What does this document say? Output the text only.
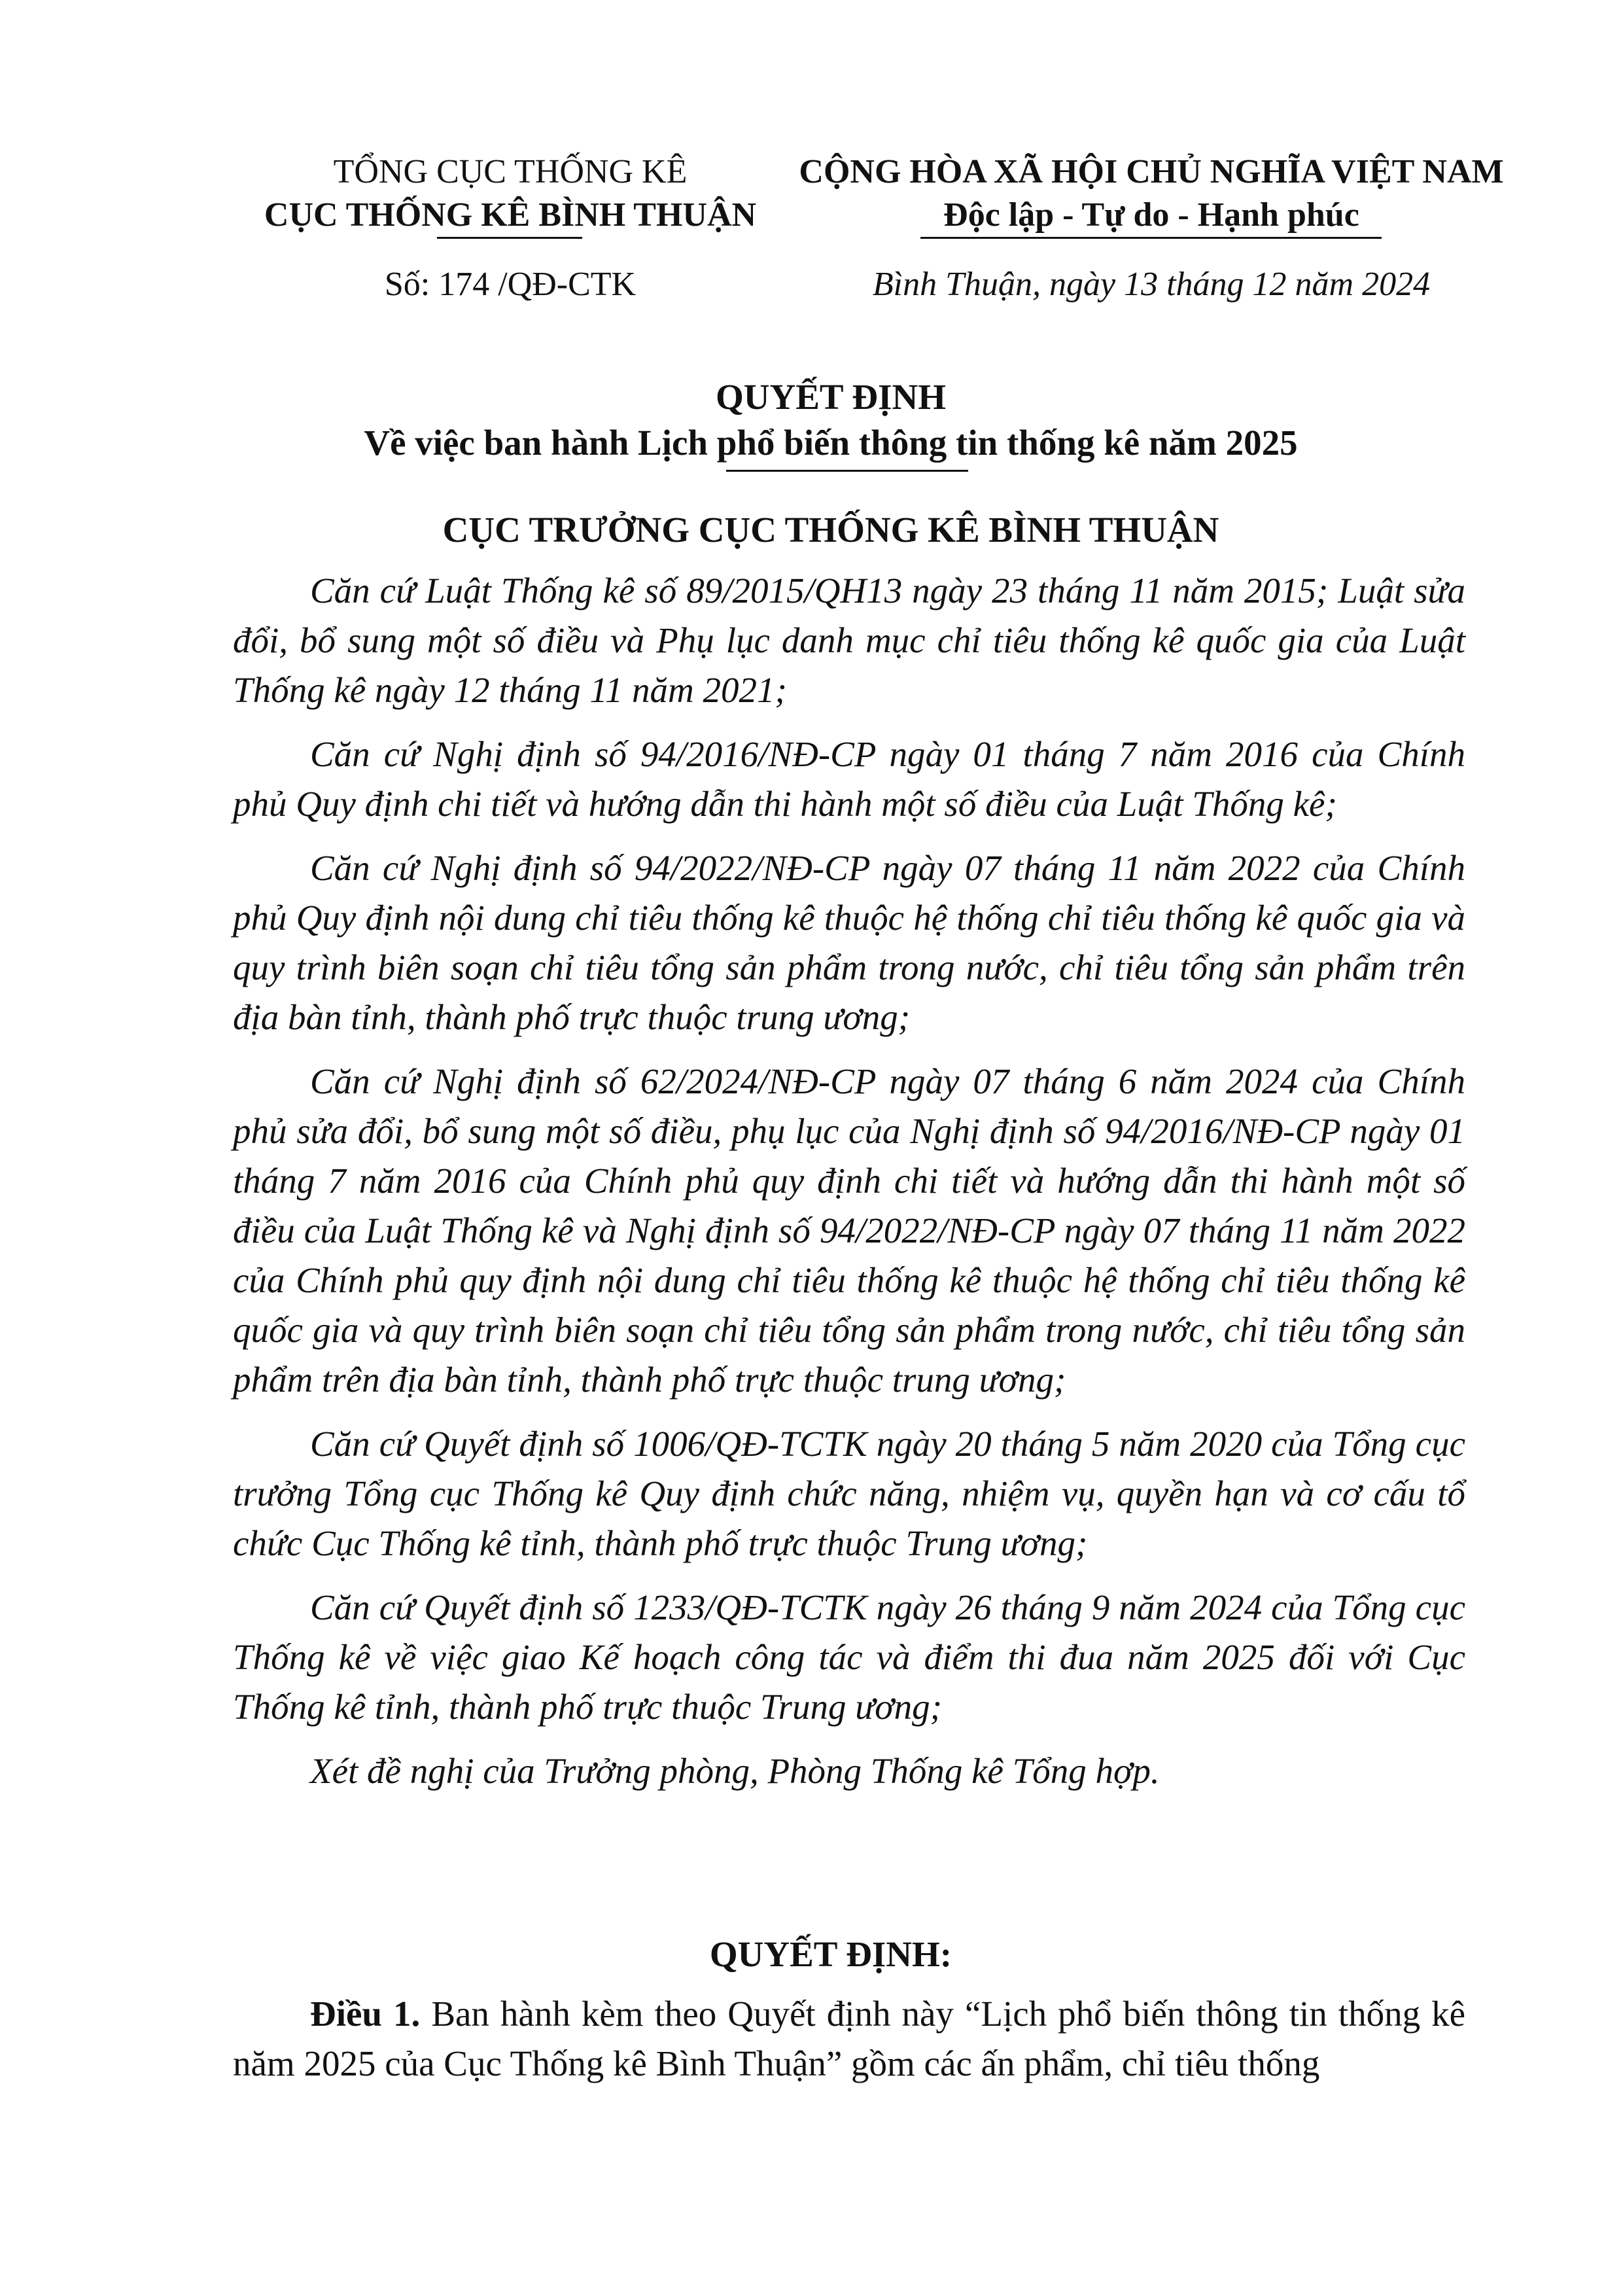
TỔNG CỤC THỐNG KÊ
CỤC THỐNG KÊ BÌNH THUẬN
CỘNG HÒA XÃ HỘI CHỦ NGHĨA VIỆT NAM
Độc lập - Tự do - Hạnh phúc
Số: 174 /QĐ-CTK	Bình Thuận, ngày 13 tháng 12 năm 2024
QUYẾT ĐỊNH
Về việc ban hành Lịch phổ biến thông tin thống kê năm 2025
CỤC TRƯỞNG CỤC THỐNG KÊ BÌNH THUẬN

Căn cứ Luật Thống kê số 89/2015/QH13 ngày 23 tháng 11 năm 2015; Luật sửa đổi, bổ sung một số điều và Phụ lục danh mục chỉ tiêu thống kê quốc gia của Luật Thống kê ngày 12 tháng 11 năm 2021;

Căn cứ Nghị định số 94/2016/NĐ-CP ngày 01 tháng 7 năm 2016 của Chính phủ Quy định chi tiết và hướng dẫn thi hành một số điều của Luật Thống kê;

Căn cứ Nghị định số 94/2022/NĐ-CP ngày 07 tháng 11 năm 2022 của Chính phủ Quy định nội dung chỉ tiêu thống kê thuộc hệ thống chỉ tiêu thống kê quốc gia và quy trình biên soạn chỉ tiêu tổng sản phẩm trong nước, chỉ tiêu tổng sản phẩm trên địa bàn tỉnh, thành phố trực thuộc trung ương;

Căn cứ Nghị định số 62/2024/NĐ-CP ngày 07 tháng 6 năm 2024 của Chính phủ sửa đổi, bổ sung một số điều, phụ lục của Nghị định số 94/2016/NĐ-CP ngày 01 tháng 7 năm 2016 của Chính phủ quy định chi tiết và hướng dẫn thi hành một số điều của Luật Thống kê và Nghị định số 94/2022/NĐ-CP ngày 07 tháng 11 năm 2022 của Chính phủ quy định nội dung chỉ tiêu thống kê thuộc hệ thống chỉ tiêu thống kê quốc gia và quy trình biên soạn chỉ tiêu tổng sản phẩm trong nước, chỉ tiêu tổng sản phẩm trên địa bàn tỉnh, thành phố trực thuộc trung ương;

Căn cứ Quyết định số 1006/QĐ-TCTK ngày 20 tháng 5 năm 2020 của Tổng cục trưởng Tổng cục Thống kê Quy định chức năng, nhiệm vụ, quyền hạn và cơ cấu tổ chức Cục Thống kê tỉnh, thành phố trực thuộc Trung ương;

Căn cứ Quyết định số 1233/QĐ-TCTK ngày 26 tháng 9 năm 2024 của Tổng cục Thống kê về việc giao Kế hoạch công tác và điểm thi đua năm 2025 đối với Cục Thống kê tỉnh, thành phố trực thuộc Trung ương;

Xét đề nghị của Trưởng phòng, Phòng Thống kê Tổng hợp.

QUYẾT ĐỊNH:

Điều 1. Ban hành kèm theo Quyết định này “Lịch phổ biến thông tin thống kê năm 2025 của Cục Thống kê Bình Thuận” gồm các ấn phẩm, chỉ tiêu thống
